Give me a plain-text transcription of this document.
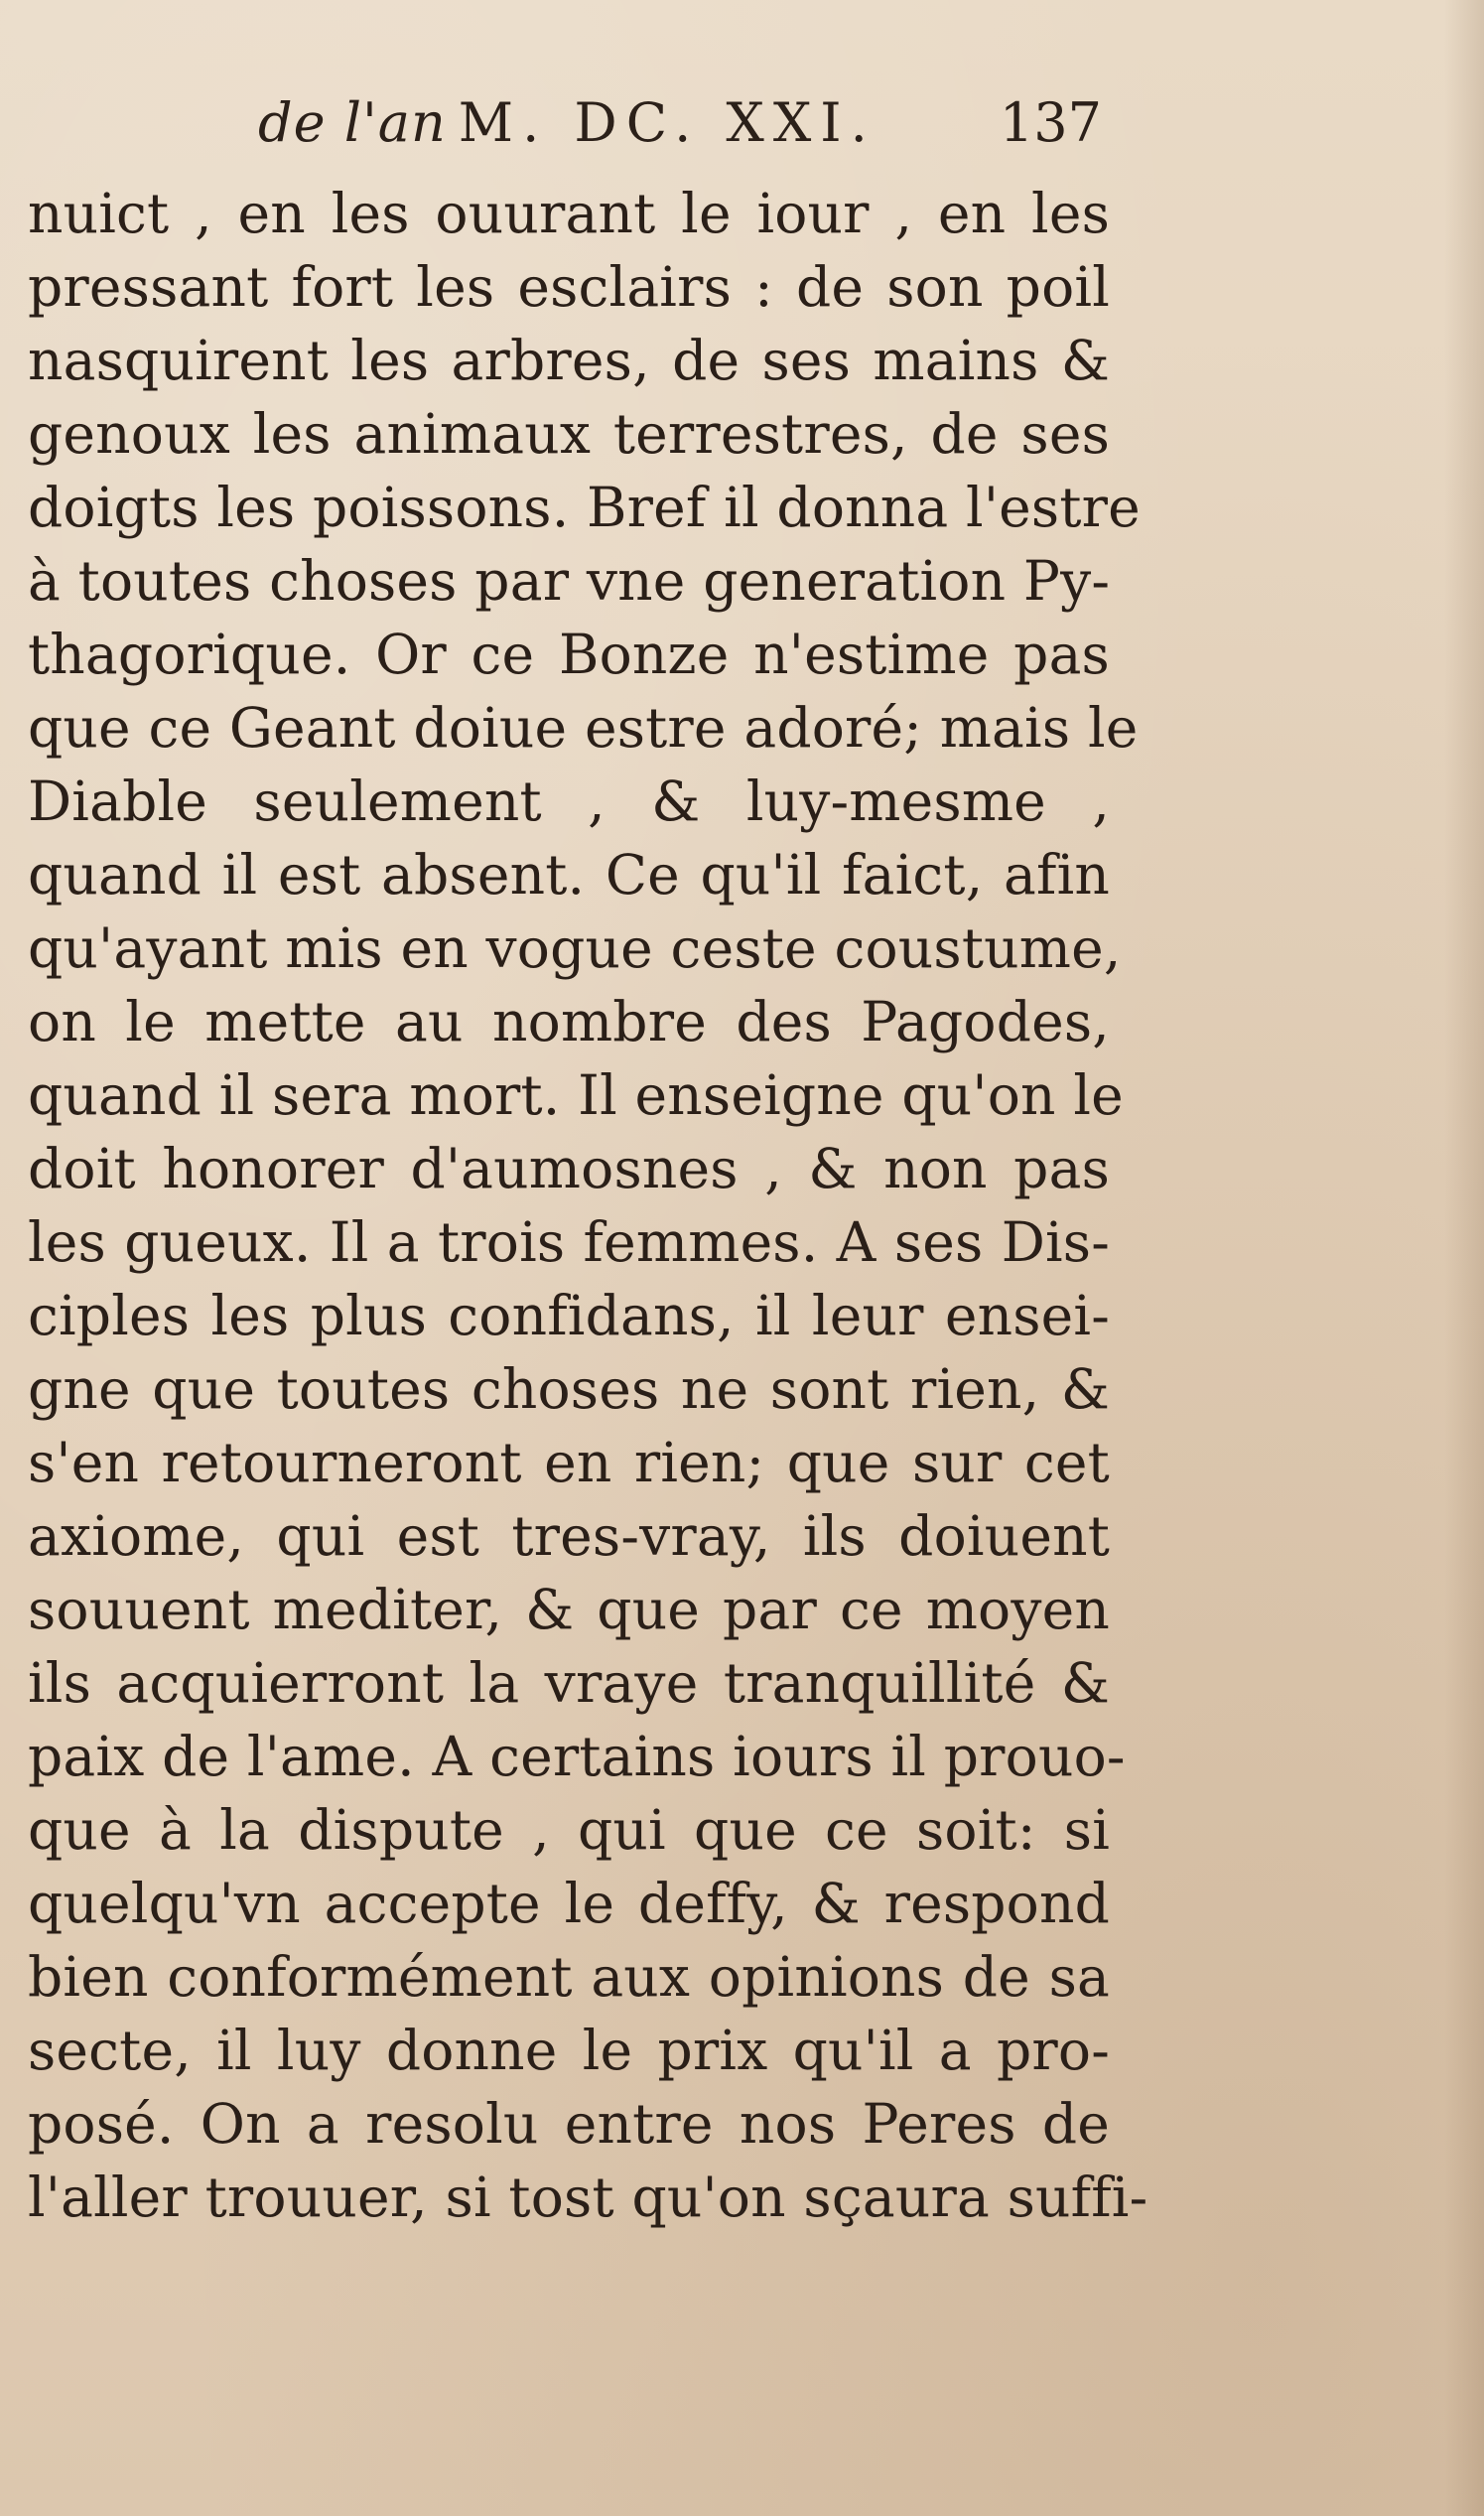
de l'an M. DC. XXI. 137
nuict , en les ouurant le iour , en les
pressant fort les esclairs : de son poil
nasquirent les arbres, de ses mains &
genoux les animaux terrestres, de ses
doigts les poissons. Bref il donna l'estre
à toutes choses par vne generation Py-
thagorique. Or ce Bonze n'estime pas
que ce Geant doiue estre adoré; mais le
Diable seulement , & luy-mesme ,
quand il est absent. Ce qu'il faict, afin
qu'ayant mis en vogue ceste coustume,
on le mette au nombre des Pagodes,
quand il sera mort. Il enseigne qu'on le
doit honorer d'aumosnes , & non pas
les gueux. Il a trois femmes. A ses Dis-
ciples les plus confidans, il leur ensei-
gne que toutes choses ne sont rien, &
s'en retourneront en rien; que sur cet
axiome, qui est tres-vray, ils doiuent
souuent mediter, & que par ce moyen
ils acquierront la vraye tranquillité &
paix de l'ame. A certains iours il prouo-
que à la dispute , qui que ce soit: si
quelqu'vn accepte le deffy, & respond
bien conformément aux opinions de sa
secte, il luy donne le prix qu'il a pro-
posé. On a resolu entre nos Peres de
l'aller trouuer, si tost qu'on sçaura suffi-
